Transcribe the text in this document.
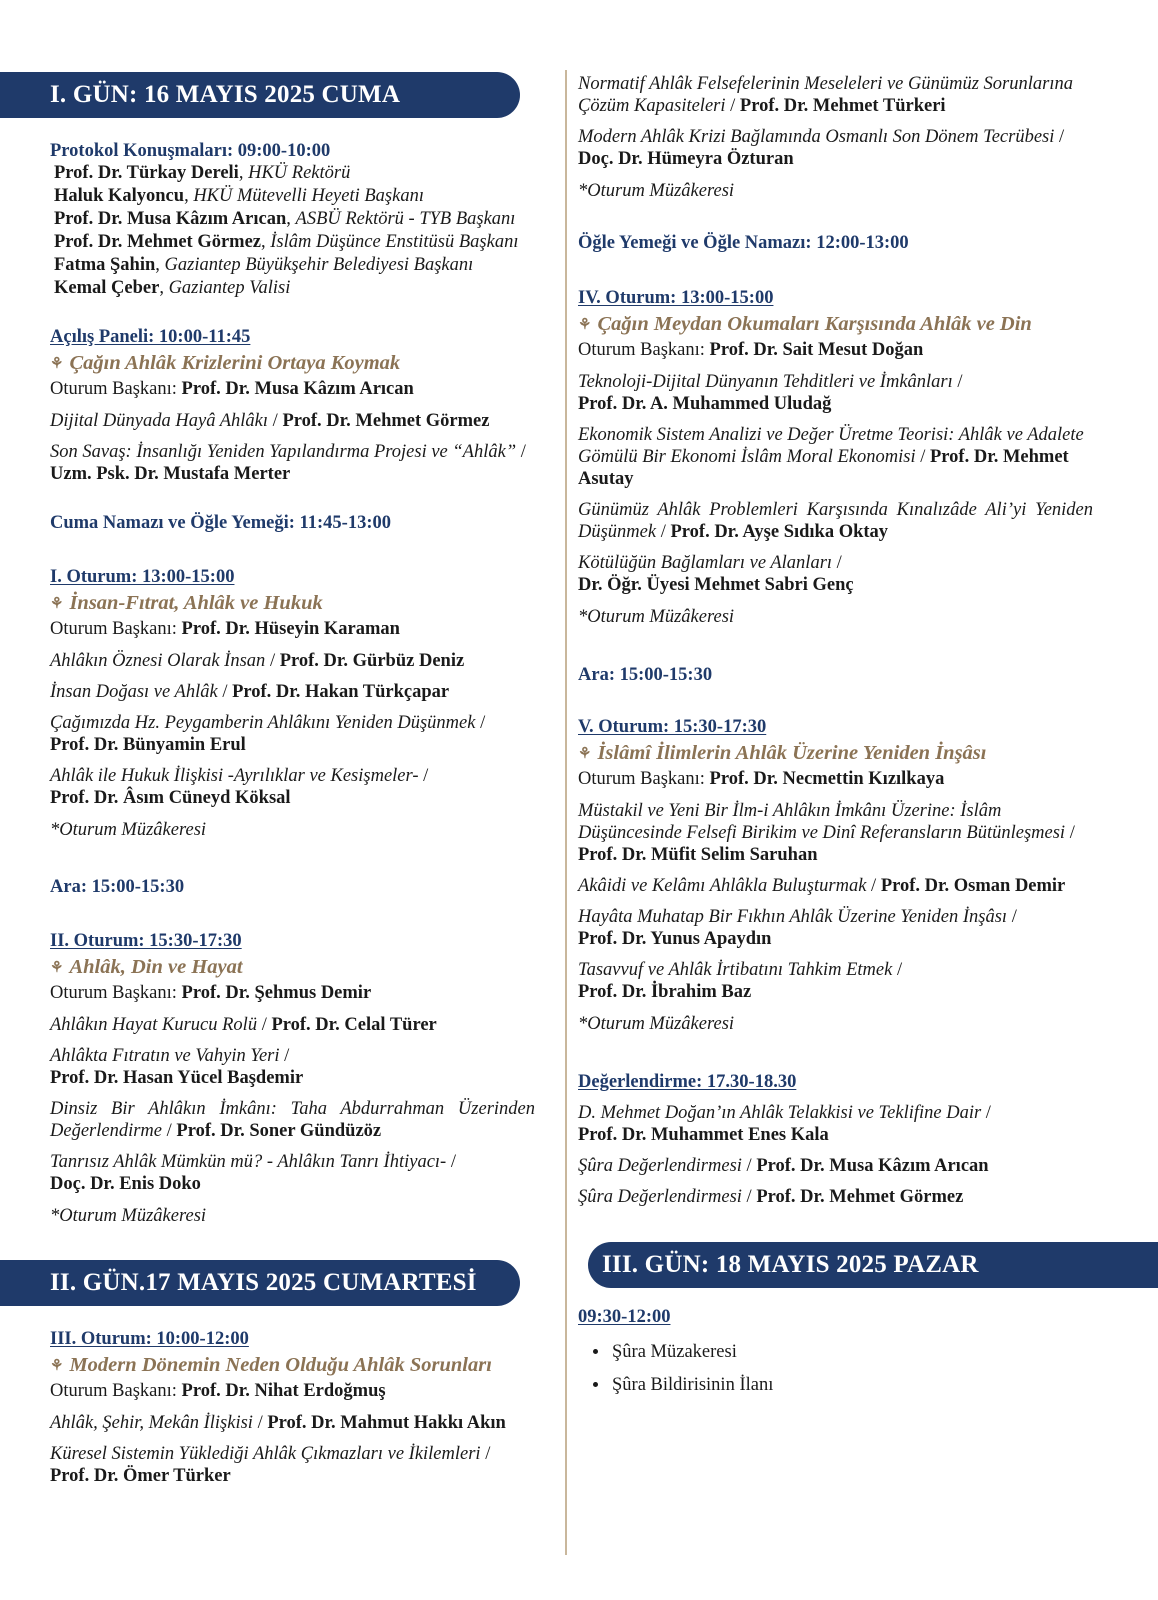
I. GÜN: 16 MAYIS 2025 CUMA
Protokol Konuşmaları: 09:00-10:00
Prof. Dr. Türkay Dereli, HKÜ Rektörü
Haluk Kalyoncu, HKÜ Mütevelli Heyeti Başkanı
Prof. Dr. Musa Kâzım Arıcan, ASBÜ Rektörü - TYB Başkanı
Prof. Dr. Mehmet Görmez, İslâm Düşünce Enstitüsü Başkanı
Fatma Şahin, Gaziantep Büyükşehir Belediyesi Başkanı
Kemal Çeber, Gaziantep Valisi
Açılış Paneli: 10:00-11:45
⚘ Çağın Ahlâk Krizlerini Ortaya Koymak
Oturum Başkanı: Prof. Dr. Musa Kâzım Arıcan
Dijital Dünyada Hayâ Ahlâkı / Prof. Dr. Mehmet Görmez
Son Savaş: İnsanlığı Yeniden Yapılandırma Projesi ve “Ahlâk” /
Uzm. Psk. Dr. Mustafa Merter
Cuma Namazı ve Öğle Yemeği: 11:45-13:00
I. Oturum: 13:00-15:00
⚘ İnsan-Fıtrat, Ahlâk ve Hukuk
Oturum Başkanı: Prof. Dr. Hüseyin Karaman
Ahlâkın Öznesi Olarak İnsan / Prof. Dr. Gürbüz Deniz
İnsan Doğası ve Ahlâk / Prof. Dr. Hakan Türkçapar
Çağımızda Hz. Peygamberin Ahlâkını Yeniden Düşünmek /
Prof. Dr. Bünyamin Erul
Ahlâk ile Hukuk İlişkisi -Ayrılıklar ve Kesişmeler- /
Prof. Dr. Âsım Cüneyd Köksal
*Oturum Müzâkeresi
Ara: 15:00-15:30
II. Oturum: 15:30-17:30
⚘ Ahlâk, Din ve Hayat
Oturum Başkanı: Prof. Dr. Şehmus Demir
Ahlâkın Hayat Kurucu Rolü / Prof. Dr. Celal Türer
Ahlâkta Fıtratın ve Vahyin Yeri /
Prof. Dr. Hasan Yücel Başdemir
Dinsiz Bir Ahlâkın İmkânı: Taha Abdurrahman Üzerinden Değerlendirme / Prof. Dr. Soner Gündüzöz
Tanrısız Ahlâk Mümkün mü? - Ahlâkın Tanrı İhtiyacı- /
Doç. Dr. Enis Doko
*Oturum Müzâkeresi
II. GÜN.17 MAYIS 2025 CUMARTESİ
III. Oturum: 10:00-12:00
⚘ Modern Dönemin Neden Olduğu Ahlâk Sorunları
Oturum Başkanı: Prof. Dr. Nihat Erdoğmuş
Ahlâk, Şehir, Mekân İlişkisi / Prof. Dr. Mahmut Hakkı Akın
Küresel Sistemin Yüklediği Ahlâk Çıkmazları ve İkilemleri /
Prof. Dr. Ömer Türker
Normatif Ahlâk Felsefelerinin Meseleleri ve Günümüz Sorunlarına Çözüm Kapasiteleri / Prof. Dr. Mehmet Türkeri
Modern Ahlâk Krizi Bağlamında Osmanlı Son Dönem Tecrübesi / Doç. Dr. Hümeyra Özturan
*Oturum Müzâkeresi
Öğle Yemeği ve Öğle Namazı: 12:00-13:00
IV. Oturum: 13:00-15:00
⚘ Çağın Meydan Okumaları Karşısında Ahlâk ve Din
Oturum Başkanı: Prof. Dr. Sait Mesut Doğan
Teknoloji-Dijital Dünyanın Tehditleri ve İmkânları /
Prof. Dr. A. Muhammed Uludağ
Ekonomik Sistem Analizi ve Değer Üretme Teorisi: Ahlâk ve Adalete Gömülü Bir Ekonomi İslâm Moral Ekonomisi / Prof. Dr. Mehmet Asutay
Günümüz Ahlâk Problemleri Karşısında Kınalızâde Ali’yi Yeniden Düşünmek / Prof. Dr. Ayşe Sıdıka Oktay
Kötülüğün Bağlamları ve Alanları /
Dr. Öğr. Üyesi Mehmet Sabri Genç
*Oturum Müzâkeresi
Ara: 15:00-15:30
V. Oturum: 15:30-17:30
⚘ İslâmî İlimlerin Ahlâk Üzerine Yeniden İnşâsı
Oturum Başkanı: Prof. Dr. Necmettin Kızılkaya
Müstakil ve Yeni Bir İlm-i Ahlâkın İmkânı Üzerine: İslâm Düşüncesinde Felsefi Birikim ve Dinî Referansların Bütünleşmesi / Prof. Dr. Müfit Selim Saruhan
Akâidi ve Kelâmı Ahlâkla Buluşturmak / Prof. Dr. Osman Demir
Hayâta Muhatap Bir Fıkhın Ahlâk Üzerine Yeniden İnşâsı /
Prof. Dr. Yunus Apaydın
Tasavvuf ve Ahlâk İrtibatını Tahkim Etmek /
Prof. Dr. İbrahim Baz
*Oturum Müzâkeresi
Değerlendirme: 17.30-18.30
D. Mehmet Doğan’ın Ahlâk Telakkisi ve Teklifine Dair /
Prof. Dr. Muhammet Enes Kala
Şûra Değerlendirmesi / Prof. Dr. Musa Kâzım Arıcan
Şûra Değerlendirmesi / Prof. Dr. Mehmet Görmez
III. GÜN: 18 MAYIS 2025 PAZAR
09:30-12:00
• Şûra Müzakeresi
• Şûra Bildirisinin İlanı
